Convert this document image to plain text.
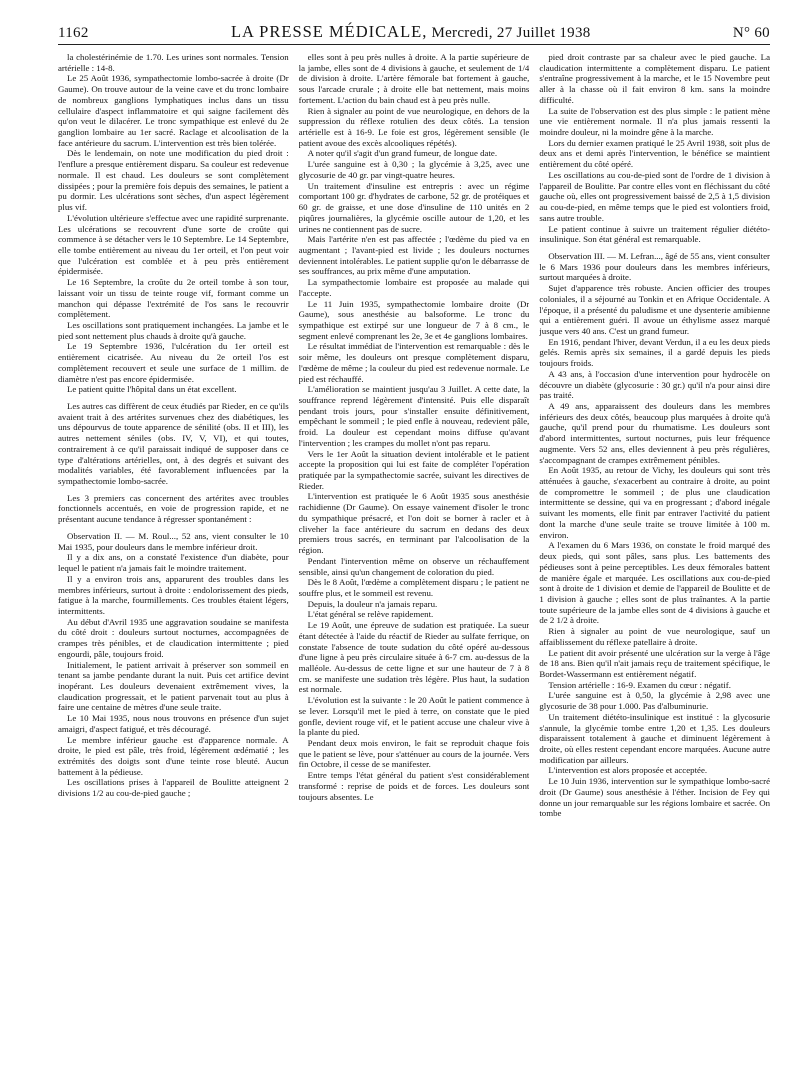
1162	LA PRESSE MÉDICALE, Mercredi, 27 Juillet 1938	N° 60

la cholestérinémie de 1.70. Les urines sont normales. Tension artérielle : 14-8.

Le 25 Août 1936, sympathectomie lombo-sacrée à droite (Dr Gaume). On trouve autour de la veine cave et du tronc lombaire de nombreux ganglions lymphatiques inclus dans un tissu cellulaire d'aspect inflammatoire et qui saigne facilement dès qu'on veut le dilacérer. Le tronc sympathique est enlevé du 2e ganglion lombaire au 1er sacré. Raclage et alcoolisation de la face antérieure du sacrum. L'intervention est très bien tolérée.

Dès le lendemain, on note une modification du pied droit : l'enflure a presque entièrement disparu. Sa couleur est redevenue normale. Il est chaud. Les douleurs se sont complètement dissipées ; pour la première fois depuis des semaines, le patient a pu dormir. Les ulcérations sont sèches, d'un aspect légèrement plus vif.

L'évolution ultérieure s'effectue avec une rapidité surprenante. Les ulcérations se recouvrent d'une sorte de croûte qui commence à se détacher vers le 10 Septembre. Le 14 Septembre, elle tombe entièrement au niveau du 1er orteil, et l'on peut voir que l'ulcération est comblée et à peu près entièrement épidermisée.

Le 16 Septembre, la croûte du 2e orteil tombe à son tour, laissant voir un tissu de teinte rouge vif, formant comme un manchon qui dépasse l'extrémité de l'os sans le recouvrir complètement.

Les oscillations sont pratiquement inchangées. La jambe et le pied sont nettement plus chauds à droite qu'à gauche.

Le 19 Septembre 1936, l'ulcération du 1er orteil est entièrement cicatrisée. Au niveau du 2e orteil l'os est complètement recouvert et seule une surface de 1 millim. de diamètre n'est pas encore épidermisée.

Le patient quitte l'hôpital dans un état excellent.

Les autres cas diffèrent de ceux étudiés par Rieder, en ce qu'ils avaient trait à des artérites survenues chez des diabétiques, les uns dépourvus de toute apparence de sénilité (obs. II et III), les autres nettement séniles (obs. IV, V, VI), et qui toutes, contrairement à ce qu'il paraissait indiqué de supposer dans ce type d'altérations artérielles, ont, à des degrés et suivant des modalités variables, été favorablement influencées par la sympathectomie lombo-sacrée.

Les 3 premiers cas concernent des artérites avec troubles fonctionnels accentués, en voie de progression rapide, et ne présentant aucune tendance à régresser spontanément :

Observation II. — M. Roul..., 52 ans, vient consulter le 10 Mai 1935, pour douleurs dans le membre inférieur droit.

Il y a dix ans, on a constaté l'existence d'un diabète, pour lequel le patient n'a jamais fait le moindre traitement.

Il y a environ trois ans, apparurent des troubles dans les membres inférieurs, surtout à droite : endolorissement des pieds, fatigue à la marche, fourmillements. Ces troubles étaient légers, intermittents.

Au début d'Avril 1935 une aggravation soudaine se manifesta du côté droit : douleurs surtout nocturnes, accompagnées de crampes très pénibles, et de claudication intermittente ; pied engourdi, pâle, toujours froid.

Initialement, le patient arrivait à préserver son sommeil en tenant sa jambe pendante durant la nuit. Puis cet artifice devint inopérant. Les douleurs devenaient extrêmement vives, la claudication progressait, et le patient parvenait tout au plus à faire une centaine de mètres d'une seule traite.

Le 10 Mai 1935, nous nous trouvons en présence d'un sujet amaigri, d'aspect fatigué, et très découragé.

Le membre inférieur gauche est d'apparence normale. A droite, le pied est pâle, très froid, légèrement œdématié ; les extrémités des doigts sont d'une teinte rose bleuté. Aucun battement à la pédieuse.

Les oscillations prises à l'appareil de Boulitte atteignent 2 divisions 1/2 au cou-de-pied gauche ;

elles sont à peu près nulles à droite. A la partie supérieure de la jambe, elles sont de 4 divisions à gauche, et seulement de 1/4 de division à droite. L'artère fémorale bat fortement à gauche, sous l'arcade crurale ; à droite elle bat nettement, mais moins fortement. L'action du bain chaud est à peu près nulle.

Rien à signaler au point de vue neurologique, en dehors de la suppression du réflexe rotulien des deux côtés. La tension artérielle est à 16-9. Le foie est gros, légèrement sensible (le patient avoue des excès alcooliques répétés).

A noter qu'il s'agit d'un grand fumeur, de longue date.

L'urée sanguine est à 0,30 ; la glycémie à 3,25, avec une glycosurie de 40 gr. par vingt-quatre heures.

Un traitement d'insuline est entrepris : avec un régime comportant 100 gr. d'hydrates de carbone, 52 gr. de protéiques et 60 gr. de graisse, et une dose d'insuline de 110 unités en 2 piqûres journalières, la glycémie oscille autour de 1,20, et les urines ne contiennent pas de sucre.

Mais l'artérite n'en est pas affectée ; l'œdème du pied va en augmentant ; l'avant-pied est livide ; les douleurs nocturnes deviennent intolérables. Le patient supplie qu'on le débarrasse de ses souffrances, au prix même d'une amputation.

La sympathectomie lombaire est proposée au malade qui l'accepte.

Le 11 Juin 1935, sympathectomie lombaire droite (Dr Gaume), sous anesthésie au balsoforme. Le tronc du sympathique est extirpé sur une longueur de 7 à 8 cm., le segment enlevé comprenant les 2e, 3e et 4e ganglions lombaires.

Le résultat immédiat de l'intervention est remarquable : dès le soir même, les douleurs ont presque complètement disparu, l'œdème de même ; la couleur du pied est redevenue normale. Le pied est réchauffé.

L'amélioration se maintient jusqu'au 3 Juillet. A cette date, la souffrance reprend légèrement d'intensité. Puis elle disparaît pendant trois jours, pour s'installer ensuite définitivement, empêchant le sommeil ; le pied enfle à nouveau, redevient pâle, froid. La douleur est cependant moins diffuse qu'avant l'intervention ; les crampes du mollet n'ont pas reparu.

Vers le 1er Août la situation devient intolérable et le patient accepte la proposition qui lui est faite de compléter l'opération pratiquée par la sympathectomie sacrée, suivant les directives de Rieder.

L'intervention est pratiquée le 6 Août 1935 sous anesthésie rachidienne (Dr Gaume). On essaye vainement d'isoler le tronc du sympathique présacré, et l'on doit se borner à racler et à cliveher la face antérieure du sacrum en dedans des deux premiers trous sacrés, en terminant par l'alcoolisation de la région.

Pendant l'intervention même on observe un réchauffement sensible, ainsi qu'un changement de coloration du pied.

Dès le 8 Août, l'œdème a complètement disparu ; le patient ne souffre plus, et le sommeil est revenu.

Depuis, la douleur n'a jamais reparu.

L'état général se relève rapidement.

Le 19 Août, une épreuve de sudation est pratiquée. La sueur étant détectée à l'aide du réactif de Rieder au sulfate ferrique, on constate l'absence de toute sudation du côté opéré au-dessous d'une ligne à peu près circulaire située à 6-7 cm. au-dessus de la malléole. Au-dessus de cette ligne et sur une hauteur de 7 à 8 cm. se manifeste une sudation très légère. Plus haut, la sudation est normale.

L'évolution est la suivante : le 20 Août le patient commence à se lever. Lorsqu'il met le pied à terre, on constate que le pied gonfle, devient rouge vif, et le patient accuse une chaleur vive à la plante du pied.

Pendant deux mois environ, le fait se reproduit chaque fois que le patient se lève, pour s'atténuer au cours de la journée. Vers fin Octobre, il cesse de se manifester.

Entre temps l'état général du patient s'est considérablement transformé : reprise de poids et de forces. Les douleurs sont toujours absentes. Le

pied droit contraste par sa chaleur avec le pied gauche. La claudication intermittente a complètement disparu. Le patient s'entraîne progressivement à la marche, et le 15 Novembre peut aller à la chasse où il fait environ 8 km. sans la moindre difficulté.

La suite de l'observation est des plus simple : le patient mène une vie entièrement normale. Il n'a plus jamais ressenti la moindre douleur, ni la moindre gêne à la marche.

Lors du dernier examen pratiqué le 25 Avril 1938, soit plus de deux ans et demi après l'intervention, le bénéfice se maintient entièrement du côté opéré.

Les oscillations au cou-de-pied sont de l'ordre de 1 division à l'appareil de Boulitte. Par contre elles vont en fléchissant du côté gauche où, elles ont progressivement baissé de 2,5 à 1,5 division au cou-de-pied, en même temps que le pied est volontiers froid, sans autre trouble.

Le patient continue à suivre un traitement régulier diététo-insulinique. Son état général est remarquable.

Observation III. — M. Lefran..., âgé de 55 ans, vient consulter le 6 Mars 1936 pour douleurs dans les membres inférieurs, surtout marquées à droite.

Sujet d'apparence très robuste. Ancien officier des troupes coloniales, il a séjourné au Tonkin et en Afrique Occidentale. A l'époque, il a présenté du paludisme et une dysenterie amibienne qui a entièrement guéri. Il avoue un éthylisme assez marqué jusque vers 40 ans. C'est un grand fumeur.

En 1916, pendant l'hiver, devant Verdun, il a eu les deux pieds gelés. Remis après six semaines, il a gardé depuis les pieds toujours froids.

A 43 ans, à l'occasion d'une intervention pour hydrocèle on découvre un diabète (glycosurie : 30 gr.) qu'il n'a pour ainsi dire pas traité.

A 49 ans, apparaissent des douleurs dans les membres inférieurs des deux côtés, beaucoup plus marquées à droite qu'à gauche, qu'il prend pour du rhumatisme. Les douleurs sont d'abord intermittentes, surtout nocturnes, puis leur fréquence augmente. Vers 52 ans, elles deviennent à peu près régulières, s'accompagnant de crampes extrêmement pénibles.

En Août 1935, au retour de Vichy, les douleurs qui sont très atténuées à gauche, s'exacerbent au contraire à droite, au point de compromettre le sommeil ; de plus une claudication intermittente se dessine, qui va en progressant ; d'abord inégale suivant les moments, elle finit par entraver l'activité du patient dont la marche d'une seule traite se trouve limitée à 100 m. environ.

A l'examen du 6 Mars 1936, on constate le froid marqué des deux pieds, qui sont pâles, sans plus. Les battements des pédieuses sont à peine perceptibles. Les deux fémorales battent de manière égale et marquée. Les oscillations aux cou-de-pied sont à droite de 1 division et demie de l'appareil de Boulitte et de 1 division à gauche ; elles sont de plus traînantes. A la partie toute supérieure de la jambe elles sont de 4 divisions à gauche et de 2 1/2 à droite.

Rien à signaler au point de vue neurologique, sauf un affaiblissement du réflexe patellaire à droite.

Le patient dit avoir présenté une ulcération sur la verge à l'âge de 18 ans. Bien qu'il n'ait jamais reçu de traitement spécifique, le Bordet-Wassermann est entièrement négatif.

Tension artérielle : 16-9. Examen du cœur : négatif.

L'urée sanguine est à 0,50, la glycémie à 2,98 avec une glycosurie de 38 pour 1.000. Pas d'albuminurie.

Un traitement diététo-insulinique est institué : la glycosurie s'annule, la glycémie tombe entre 1,20 et 1,35. Les douleurs disparaissent totalement à gauche et diminuent légèrement à droite, où elles restent cependant encore marquées. Aucune autre modification par ailleurs.

L'intervention est alors proposée et acceptée.

Le 10 Juin 1936, intervention sur le sympathique lombo-sacré droit (Dr Gaume) sous anesthésie à l'éther. Incision de Fey qui donne un jour remarquable sur les régions lombaire et sacrée. On tombe
